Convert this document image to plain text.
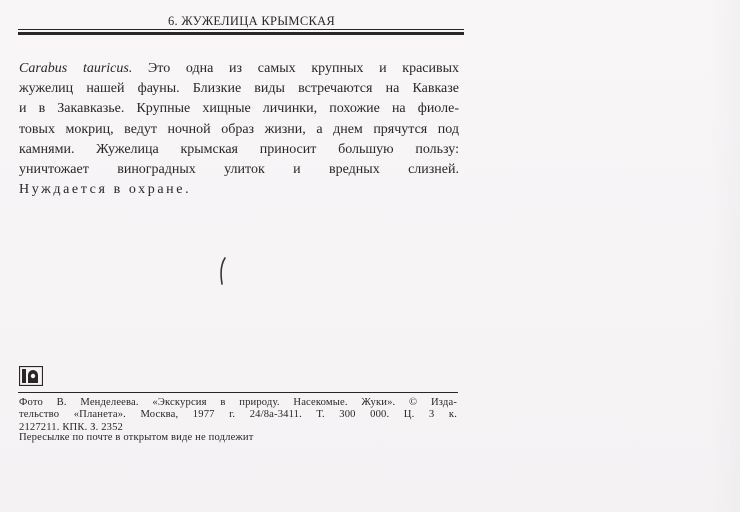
6. ЖУЖЕЛИЦА КРЫМСКАЯ
Carabus tauricus. Это одна из самых крупных и красивых
жужелиц нашей фауны. Близкие виды встречаются на Кавказе
и в Закавказье. Крупные хищные личинки, похожие на фиоле-
товых мокриц, ведут ночной образ жизни, а днем прячутся под
камнями. Жужелица крымская приносит большую пользу:
уничтожает виноградных улиток и вредных слизней.
Нуждается в охране.
Фото В. Менделеева. «Экскурсия в природу. Насекомые. Жуки». © Изда-
тельство «Планета». Москва, 1977 г. 24/8а-3411. Т. 300 000. Ц. 3 к.
2127211. КПК. З. 2352
Пересылке по почте в открытом виде не подлежит
